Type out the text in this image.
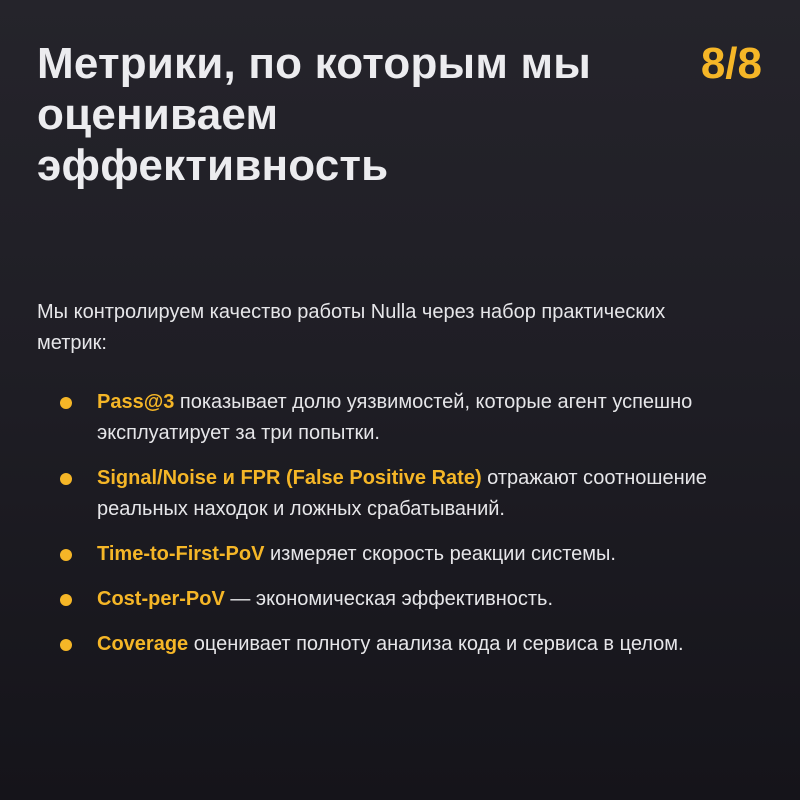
Метрики, по которым мы оцениваем эффективность
8/8

Мы контролируем качество работы Nulla через набор практических метрик:

Pass@3 показывает долю уязвимостей, которые агент успешно эксплуатирует за три попытки.
Signal/Noise и FPR (False Positive Rate) отражают соотношение реальных находок и ложных срабатываний.
Time-to-First-PoV измеряет скорость реакции системы.
Cost-per-PoV — экономическая эффективность.
Coverage оценивает полноту анализа кода и сервиса в целом.
